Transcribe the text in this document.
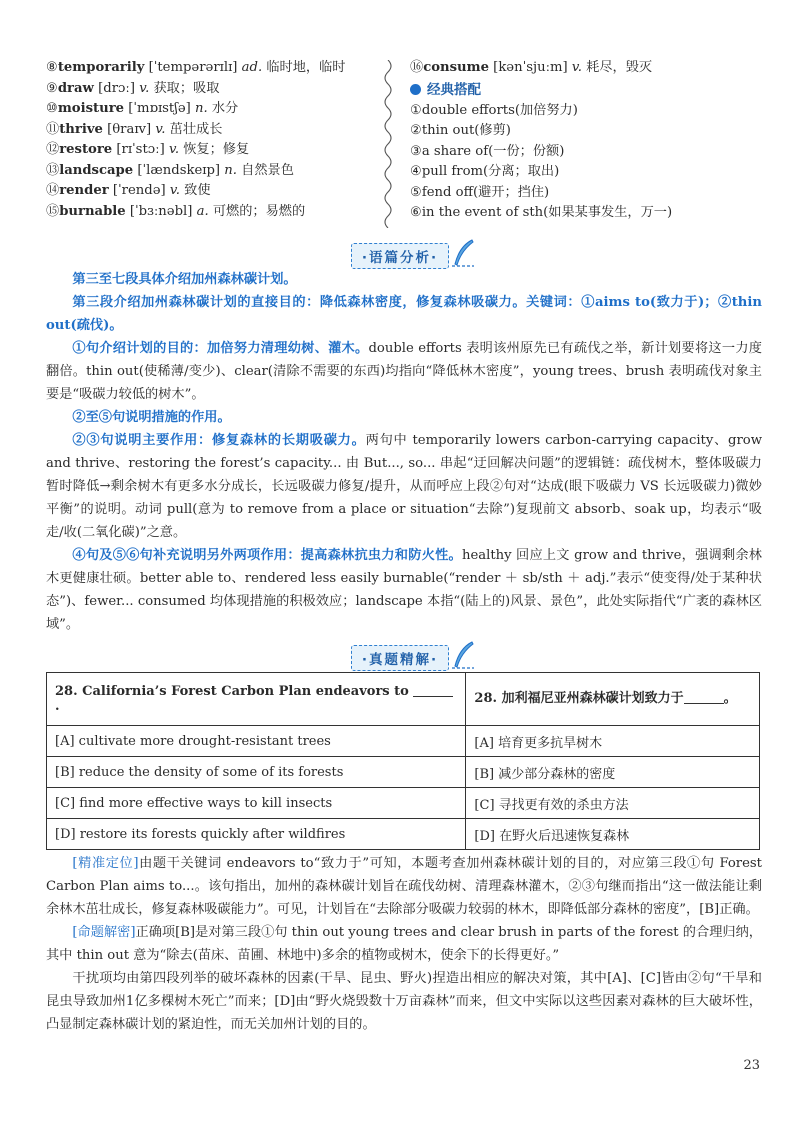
⑧temporarily [ˈtempərərɪlɪ] ad. 临时地，临时
⑨draw [drɔː] v. 获取；吸取
⑩moisture [ˈmɒɪstʃə] n. 水分
⑪thrive [θraɪv] v. 茁壮成长
⑫restore [rɪˈstɔː] v. 恢复；修复
⑬landscape [ˈlændskeɪp] n. 自然景色
⑭render [ˈrendə] v. 致使
⑮burnable [ˈbɜːnəbl] a. 可燃的；易燃的
⑯consume [kənˈsjuːm] v. 耗尽，毁灭
经典搭配
①double efforts(加倍努力)
②thin out(修剪)
③a share of(一份；份额)
④pull from(分离；取出)
⑤fend off(避开；挡住)
⑥in the event of sth(如果某事发生，万一)
·语篇分析·

第三至七段具体介绍加州森林碳计划。

第三段介绍加州森林碳计划的直接目的：降低森林密度，修复森林吸碳力。关键词：①aims to(致力于)；②thin out(疏伐)。

①句介绍计划的目的：加倍努力清理幼树、灌木。double efforts 表明该州原先已有疏伐之举，新计划要将这一力度翻倍。thin out(使稀薄/变少)、clear(清除不需要的东西)均指向“降低林木密度”，young trees、brush 表明疏伐对象主要是“吸碳力较低的树木”。

②至⑤句说明措施的作用。

②③句说明主要作用：修复森林的长期吸碳力。两句中 temporarily lowers carbon-carrying capacity、grow and thrive、restoring the forest’s capacity... 由 But..., so... 串起“迂回解决问题”的逻辑链：疏伐树木，整体吸碳力暂时降低→剩余树木有更多水分成长，长远吸碳力修复/提升，从而呼应上段②句对“达成(眼下吸碳力 VS 长远吸碳力)微妙平衡”的说明。动词 pull(意为 to remove from a place or situation“去除”)复现前文 absorb、soak up，均表示“吸走/收(二氧化碳)”之意。

④句及⑤⑥句补充说明另外两项作用：提高森林抗虫力和防火性。healthy 回应上文 grow and thrive，强调剩余林木更健康壮硕。better able to、rendered less easily burnable(“render ＋ sb/sth ＋ adj.”表示“使变得/处于某种状态”)、fewer... consumed 均体现措施的积极效应；landscape 本指“(陆上的)风景、景色”，此处实际指代“广袤的森林区域”。

·真题精解·
28. California’s Forest Carbon Plan endeavors to .	28. 加利福尼亚州森林碳计划致力于 。
[A] cultivate more drought-resistant trees	[A] 培育更多抗旱树木
[B] reduce the density of some of its forests	[B] 减少部分森林的密度
[C] find more effective ways to kill insects	[C] 寻找更有效的杀虫方法
[D] restore its forests quickly after wildfires	[D] 在野火后迅速恢复森林

[精准定位]由题干关键词 endeavors to“致力于”可知，本题考查加州森林碳计划的目的，对应第三段①句 Forest Carbon Plan aims to...。该句指出，加州的森林碳计划旨在疏伐幼树、清理森林灌木，②③句继而指出“这一做法能让剩余林木茁壮成长，修复森林吸碳能力”。可见，计划旨在“去除部分吸碳力较弱的林木，即降低部分森林的密度”，[B]正确。

[命题解密]正确项[B]是对第三段①句 thin out young trees and clear brush in parts of the forest 的合理归纳，其中 thin out 意为“除去(苗床、苗圃、林地中)多余的植物或树木，使余下的长得更好。”

干扰项均由第四段列举的破坏森林的因素(干旱、昆虫、野火)捏造出相应的解决对策，其中[A]、[C]皆由②句“干旱和昆虫导致加州1亿多棵树木死亡”而来；[D]由“野火烧毁数十万亩森林”而来，但文中实际以这些因素对森林的巨大破坏性，凸显制定森林碳计划的紧迫性，而无关加州计划的目的。

23
